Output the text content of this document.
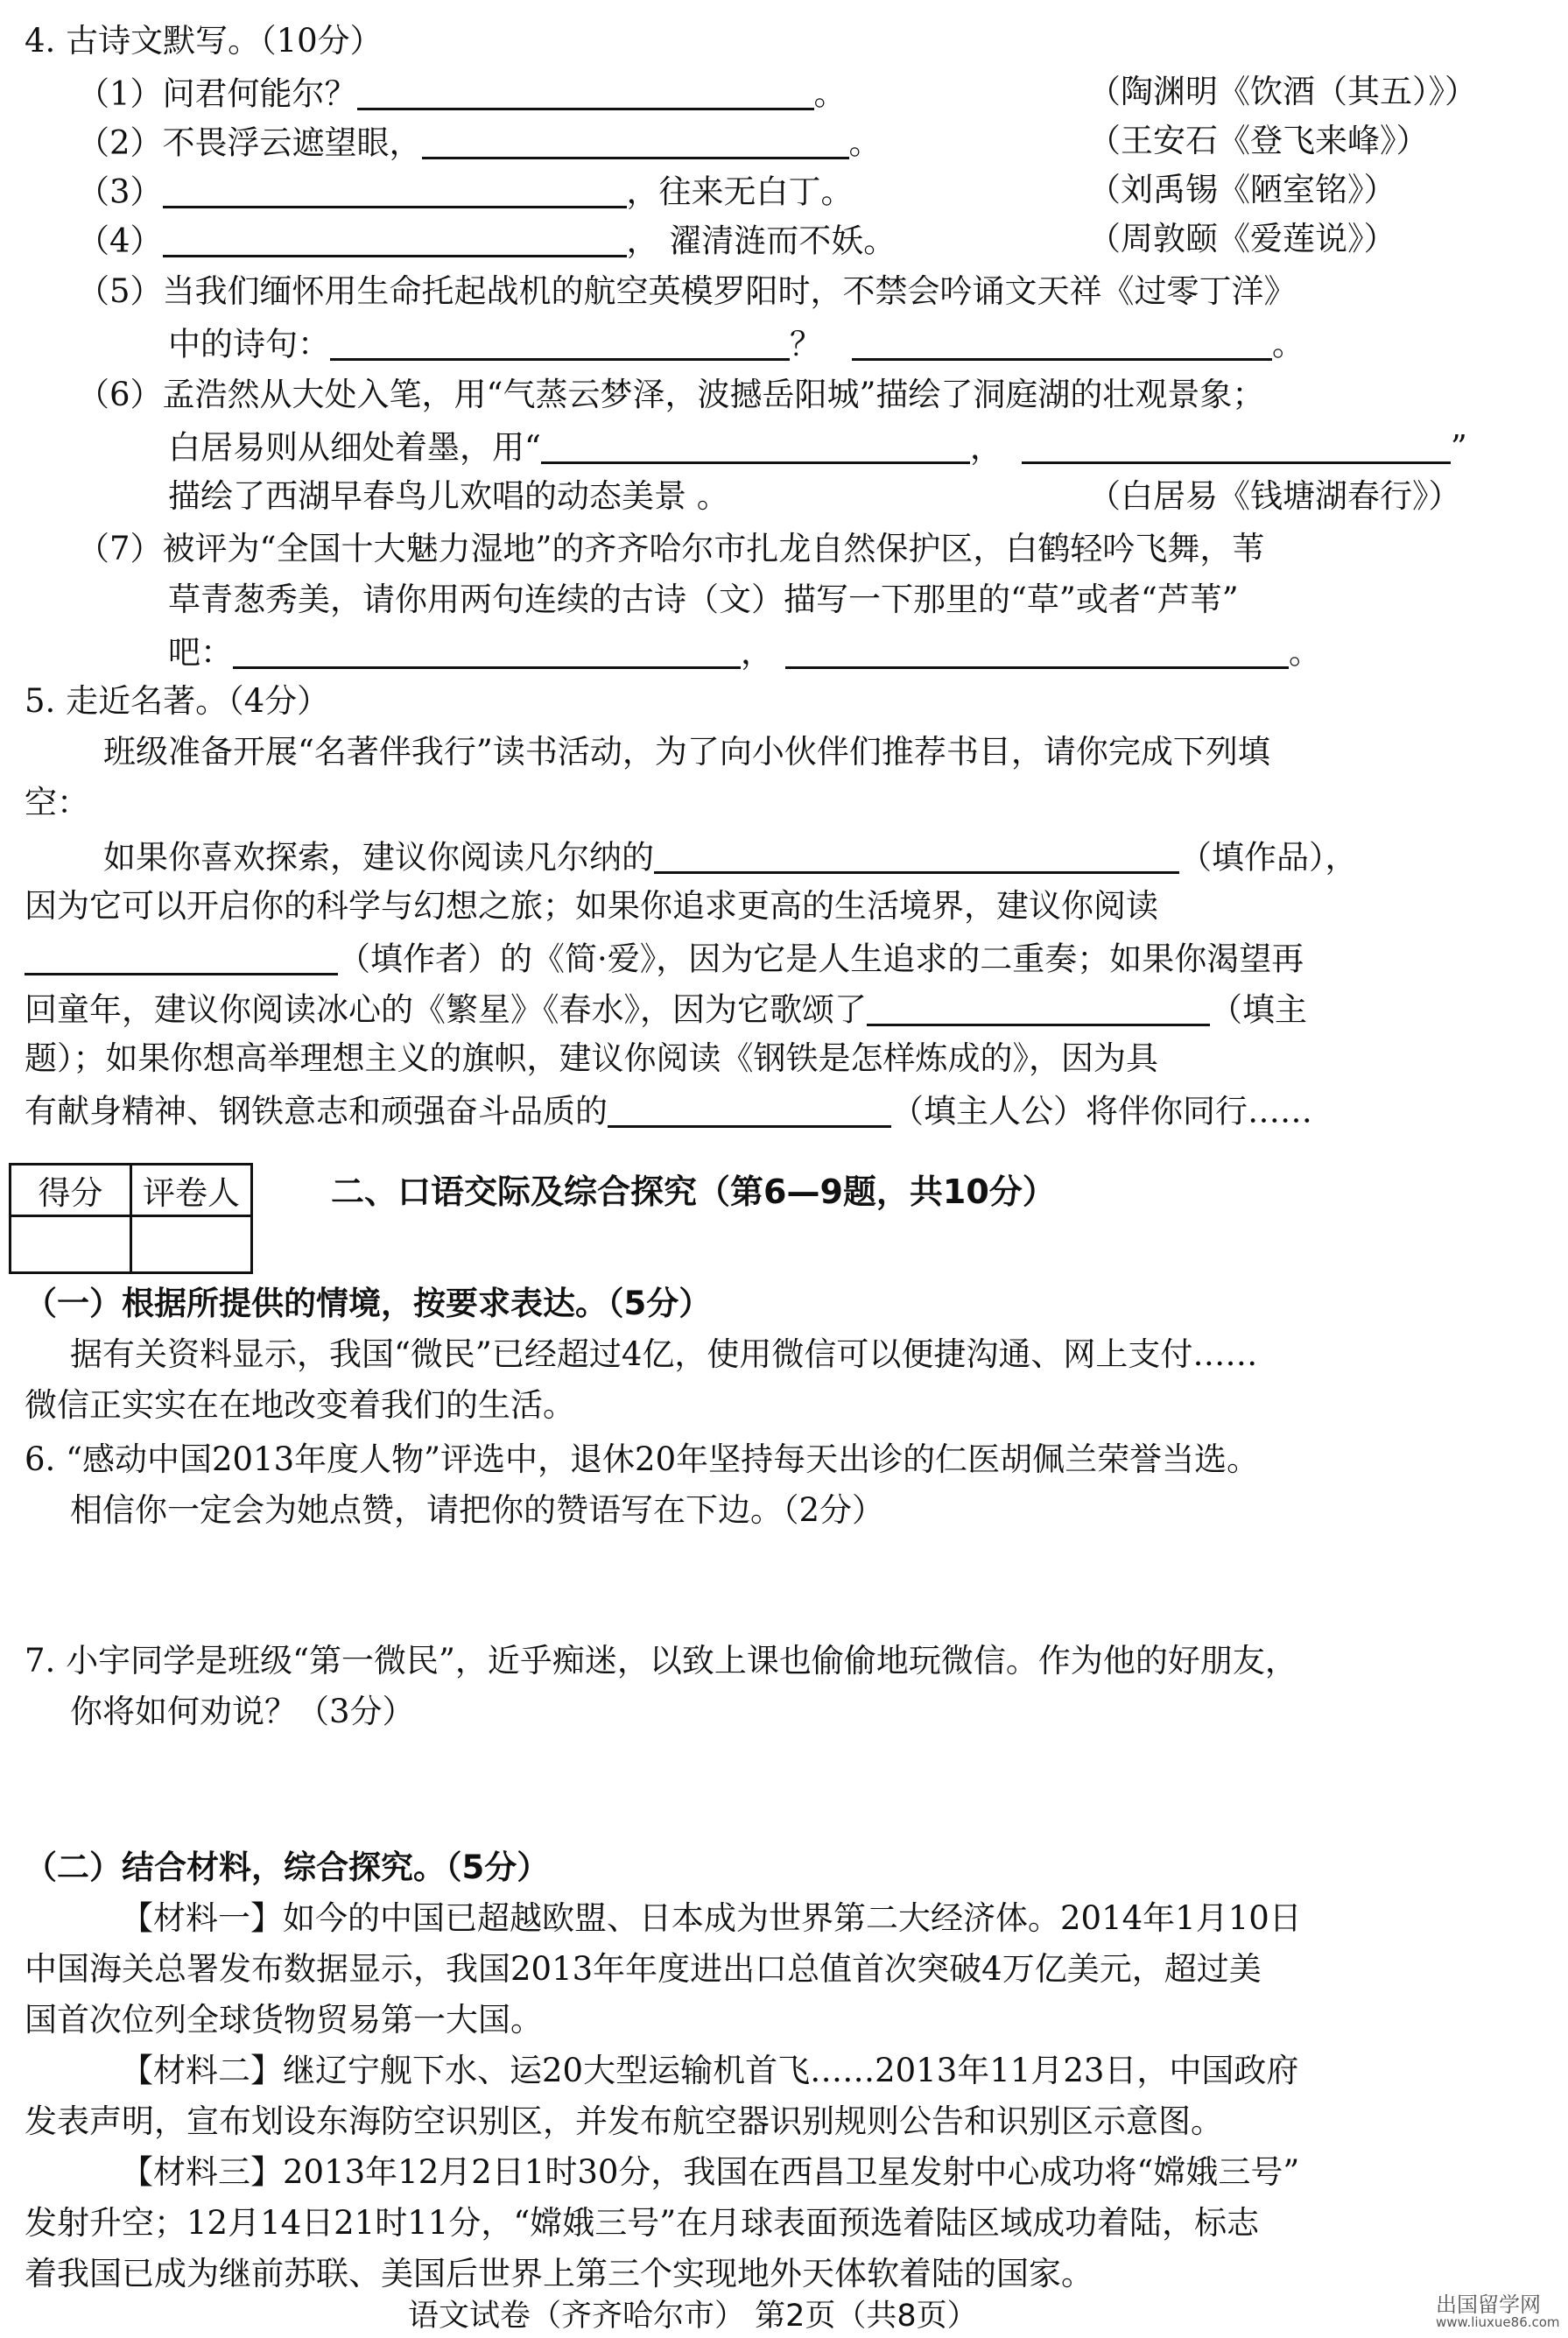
4. 古诗文默写。（10分）
（1）问君何能尔？	。	（陶渊明《饮酒（其五）》）
（2）不畏浮云遮望眼，	。	（王安石《登飞来峰》）
（3）	，往来无白丁。	（刘禹锡《陋室铭》）
（4）	， 濯清涟而不妖。	（周敦颐《爱莲说》）
（5）当我们缅怀用生命托起战机的航空英模罗阳时，不禁会吟诵文天祥《过零丁洋》
中的诗句：	？	。
（6）孟浩然从大处入笔，用“气蒸云梦泽，波撼岳阳城”描绘了洞庭湖的壮观景象；
白居易则从细处着墨，用“	，	”
描绘了西湖早春鸟儿欢唱的动态美景 。	（白居易《钱塘湖春行》）
（7）被评为“全国十大魅力湿地”的齐齐哈尔市扎龙自然保护区，白鹤轻吟飞舞，苇
草青葱秀美，请你用两句连续的古诗（文）描写一下那里的“草”或者“芦苇”
吧：	，	。
5. 走近名著。（4分）
班级准备开展“名著伴我行”读书活动，为了向小伙伴们推荐书目，请你完成下列填
空：
如果你喜欢探索，建议你阅读凡尔纳的	（填作品），
因为它可以开启你的科学与幻想之旅；如果你追求更高的生活境界，建议你阅读
（填作者）的《简·爱》，因为它是人生追求的二重奏；如果你渴望再
回童年，建议你阅读冰心的《繁星》《春水》，因为它歌颂了	（填主
题）；如果你想高举理想主义的旗帜，建议你阅读《钢铁是怎样炼成的》，因为具
有献身精神、钢铁意志和顽强奋斗品质的	（填主人公）将伴你同行……
得分	评卷人
		二、口语交际及综合探究（第6—9题，共10分）
（一）根据所提供的情境，按要求表达。（5分）
据有关资料显示，我国“微民”已经超过4亿，使用微信可以便捷沟通、网上支付……
微信正实实在在地改变着我们的生活。
6. “感动中国2013年度人物”评选中，退休20年坚持每天出诊的仁医胡佩兰荣誉当选。
相信你一定会为她点赞，请把你的赞语写在下边。（2分）
7. 小宇同学是班级“第一微民”，近乎痴迷，以致上课也偷偷地玩微信。作为他的好朋友，
你将如何劝说？（3分）
（二）结合材料，综合探究。（5分）
【材料一】如今的中国已超越欧盟、日本成为世界第二大经济体。2014年1月10日
中国海关总署发布数据显示，我国2013年年度进出口总值首次突破4万亿美元，超过美
国首次位列全球货物贸易第一大国。
【材料二】继辽宁舰下水、运20大型运输机首飞……2013年11月23日，中国政府
发表声明，宣布划设东海防空识别区，并发布航空器识别规则公告和识别区示意图。
【材料三】2013年12月2日1时30分，我国在西昌卫星发射中心成功将“嫦娥三号”
发射升空；12月14日21时11分，“嫦娥三号”在月球表面预选着陆区域成功着陆，标志
着我国已成为继前苏联、美国后世界上第三个实现地外天体软着陆的国家。
语文试卷（齐齐哈尔市） 第2页（共8页）	出国留学网
www.liuxue86.com
